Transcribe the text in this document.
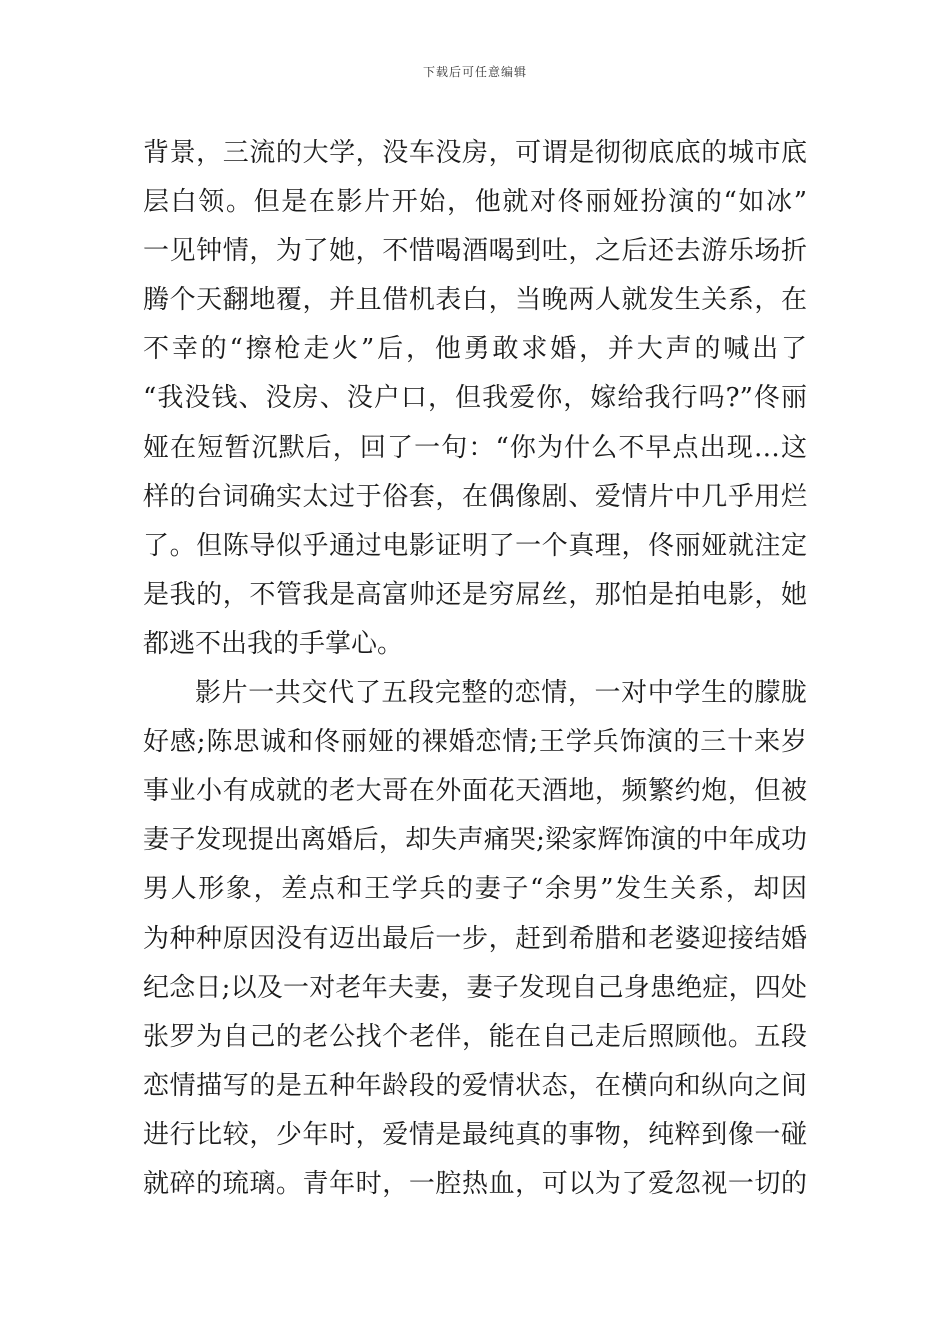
下载后可任意编辑
背景，三流的大学，没车没房，可谓是彻彻底底的城市底
层白领。但是在影片开始，他就对佟丽娅扮演的“如冰”
一见钟情，为了她，不惜喝酒喝到吐，之后还去游乐场折
腾个天翻地覆，并且借机表白，当晚两人就发生关系，在
不幸的“擦枪走火”后，他勇敢求婚，并大声的喊出了
“我没钱、没房、没户口，但我爱你，嫁给我行吗?”佟丽
娅在短暂沉默后，回了一句：“你为什么不早点出现…这
样的台词确实太过于俗套，在偶像剧、爱情片中几乎用烂
了。但陈导似乎通过电影证明了一个真理，佟丽娅就注定
是我的，不管我是高富帅还是穷屌丝，那怕是拍电影，她
都逃不出我的手掌心。
影片一共交代了五段完整的恋情，一对中学生的朦胧
好感;陈思诚和佟丽娅的裸婚恋情;王学兵饰演的三十来岁
事业小有成就的老大哥在外面花天酒地，频繁约炮，但被
妻子发现提出离婚后，却失声痛哭;梁家辉饰演的中年成功
男人形象，差点和王学兵的妻子“余男”发生关系，却因
为种种原因没有迈出最后一步，赶到希腊和老婆迎接结婚
纪念日;以及一对老年夫妻，妻子发现自己身患绝症，四处
张罗为自己的老公找个老伴，能在自己走后照顾他。五段
恋情描写的是五种年龄段的爱情状态，在横向和纵向之间
进行比较，少年时，爱情是最纯真的事物，纯粹到像一碰
就碎的琉璃。青年时，一腔热血，可以为了爱忽视一切的
